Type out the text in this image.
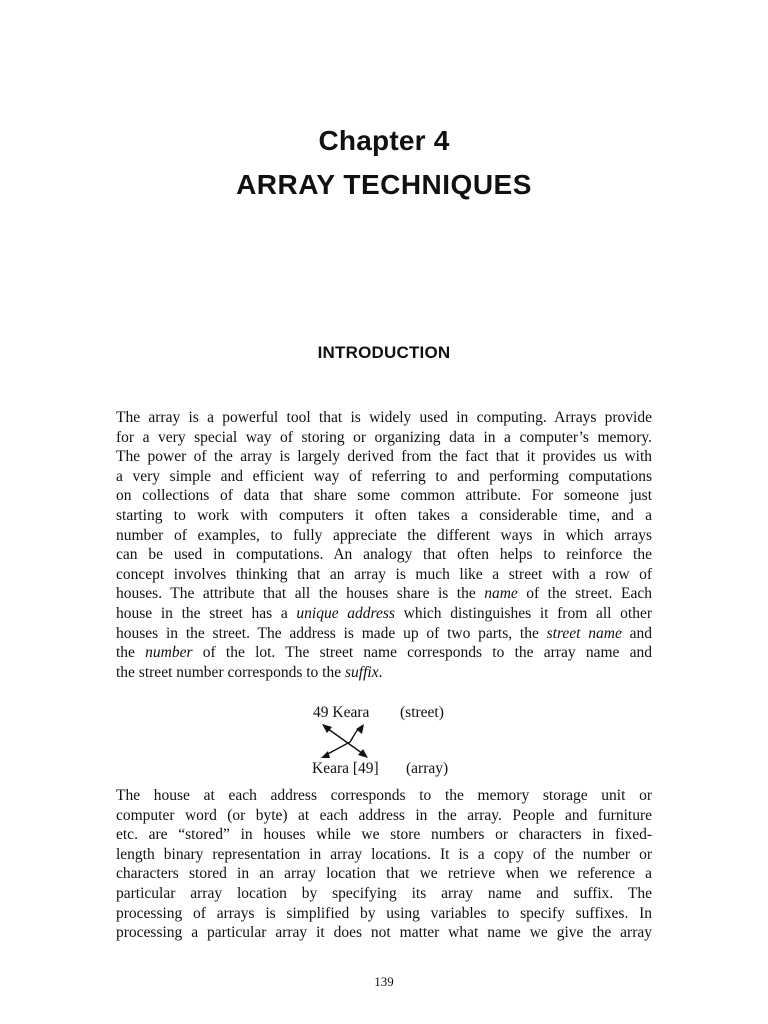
Chapter 4
ARRAY TECHNIQUES
INTRODUCTION
The array is a powerful tool that is widely used in computing. Arrays provide
for a very special way of storing or organizing data in a computer’s memory.
The power of the array is largely derived from the fact that it provides us with
a very simple and efficient way of referring to and performing computations
on collections of data that share some common attribute. For someone just
starting to work with computers it often takes a considerable time, and a
number of examples, to fully appreciate the different ways in which arrays
can be used in computations. An analogy that often helps to reinforce the
concept involves thinking that an array is much like a street with a row of
houses. The attribute that all the houses share is the name of the street. Each
house in the street has a unique address which distinguishes it from all other
houses in the street. The address is made up of two parts, the street name and
the number of the lot. The street name corresponds to the array name and
the street number corresponds to the suffix.
49 Keara (street)
Keara [49] (array)
The house at each address corresponds to the memory storage unit or
computer word (or byte) at each address in the array. People and furniture
etc. are “stored” in houses while we store numbers or characters in fixed-
length binary representation in array locations. It is a copy of the number or
characters stored in an array location that we retrieve when we reference a
particular array location by specifying its array name and suffix. The
processing of arrays is simplified by using variables to specify suffixes. In
processing a particular array it does not matter what name we give the array
139
